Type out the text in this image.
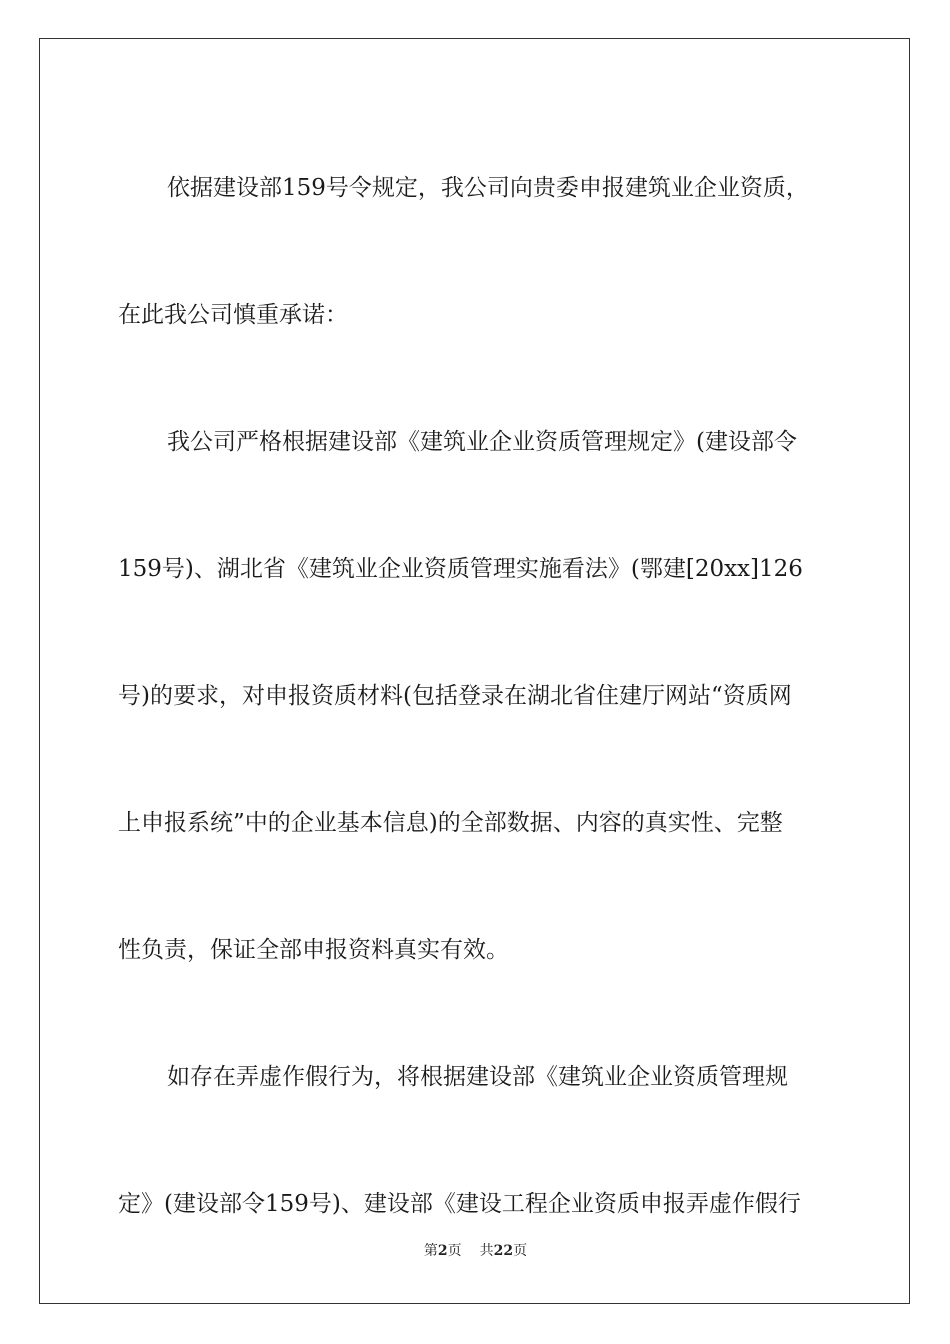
依据建设部159号令规定，我公司向贵委申报建筑业企业资质，
在此我公司慎重承诺：
我公司严格根据建设部《建筑业企业资质管理规定》(建设部令
159号)、湖北省《建筑业企业资质管理实施看法》(鄂建[20xx]126
号)的要求，对申报资质材料(包括登录在湖北省住建厅网站“资质网
上申报系统”中的企业基本信息)的全部数据、内容的真实性、完整
性负责，保证全部申报资料真实有效。
如存在弄虚作假行为，将根据建设部《建筑业企业资质管理规
定》(建设部令159号)、建设部《建设工程企业资质申报弄虚作假行
第2页 共22页
